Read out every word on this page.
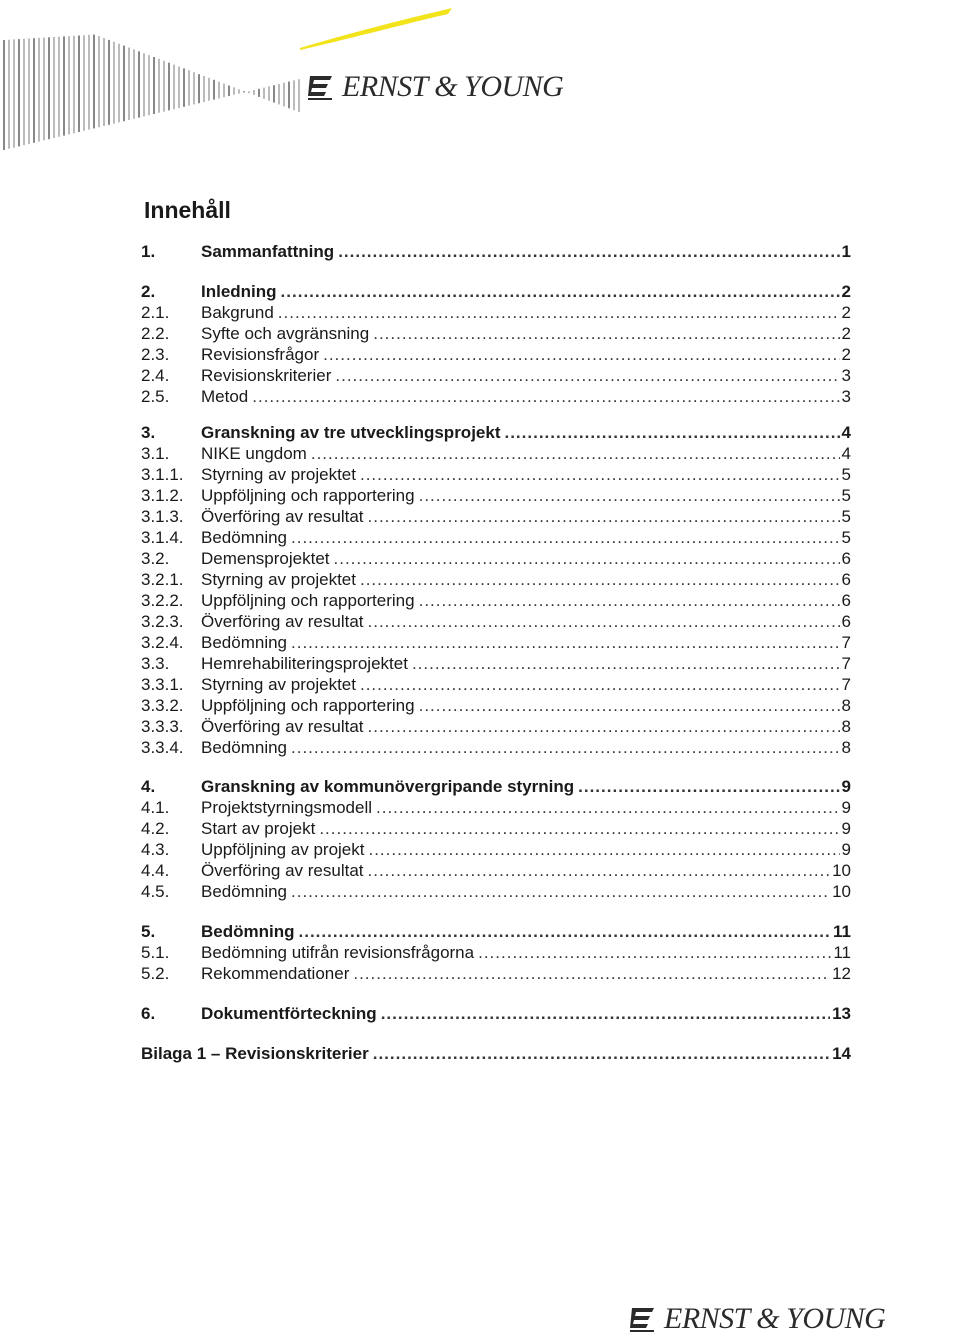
ERNST & YOUNG
Innehåll
1.	Sammanfattning .....	1
2.	Inledning .....	2
2.1.	Bakgrund .....	2
2.2.	Syfte och avgränsning .....	2
2.3.	Revisionsfrågor .....	2
2.4.	Revisionskriterier .....	3
2.5.	Metod .....	3
3.	Granskning av tre utvecklingsprojekt .....	4
3.1.	NIKE ungdom .....	4
3.1.1.	Styrning av projektet .....	5
3.1.2.	Uppföljning och rapportering .....	5
3.1.3.	Överföring av resultat .....	5
3.1.4.	Bedömning .....	5
3.2.	Demensprojektet .....	6
3.2.1.	Styrning av projektet .....	6
3.2.2.	Uppföljning och rapportering .....	6
3.2.3.	Överföring av resultat .....	6
3.2.4.	Bedömning .....	7
3.3.	Hemrehabiliteringsprojektet .....	7
3.3.1.	Styrning av projektet .....	7
3.3.2.	Uppföljning och rapportering .....	8
3.3.3.	Överföring av resultat .....	8
3.3.4.	Bedömning .....	8
4.	Granskning av kommunövergripande styrning .....	9
4.1.	Projektstyrningsmodell .....	9
4.2.	Start av projekt .....	9
4.3.	Uppföljning av projekt .....	9
4.4.	Överföring av resultat .....	10
4.5.	Bedömning .....	10
5.	Bedömning .....	11
5.1.	Bedömning utifrån revisionsfrågorna .....	11
5.2.	Rekommendationer .....	12
6.	Dokumentförteckning .....	13
Bilaga 1 – Revisionskriterier .....	14
ERNST & YOUNG
